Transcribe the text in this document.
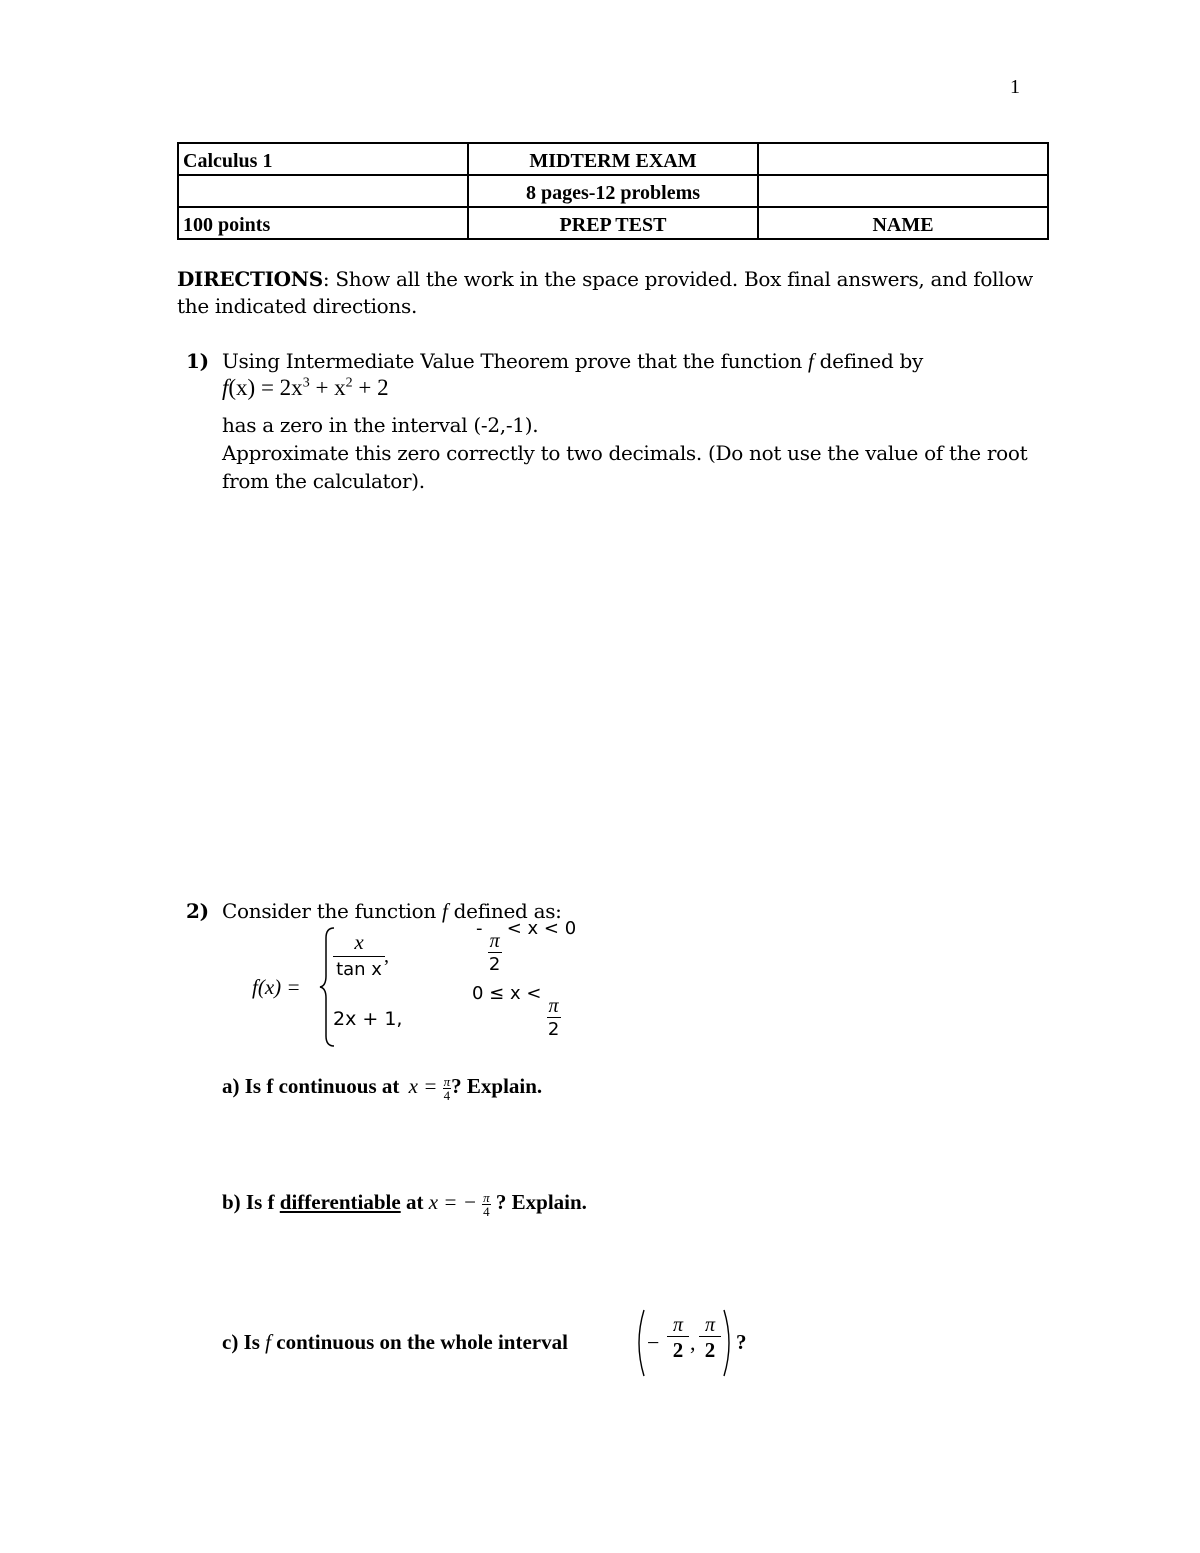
1
Calculus 1	MIDTERM EXAM	
	8 pages-12 problems	
100 points	PREP TEST	NAME
DIRECTIONS: Show all the work in the space provided. Box final answers, and follow
the indicated directions.
1) Using Intermediate Value Theorem prove that the function f defined by
$f(x) = 2x^3 + x^2 + 2$
has a zero in the interval (-2,-1).
Approximate this zero correctly to two decimals. (Do not use the value of the root
from the calculator).
2) Consider the function f defined as:
f(x) =
x
tan x
,
-
$\frac{\pi}{2}$
< x < 0
2x + 1,
0 ≤ x <
$\frac{\pi}{2}$
a) Is f continuous at $x = \frac{\pi}{4}$ ? Explain.
b) Is f differentiable at x = − $\frac{\pi}{4}$ ? Explain.
c) Is f continuous on the whole interval	−
π
2 ,
π
2 ?
